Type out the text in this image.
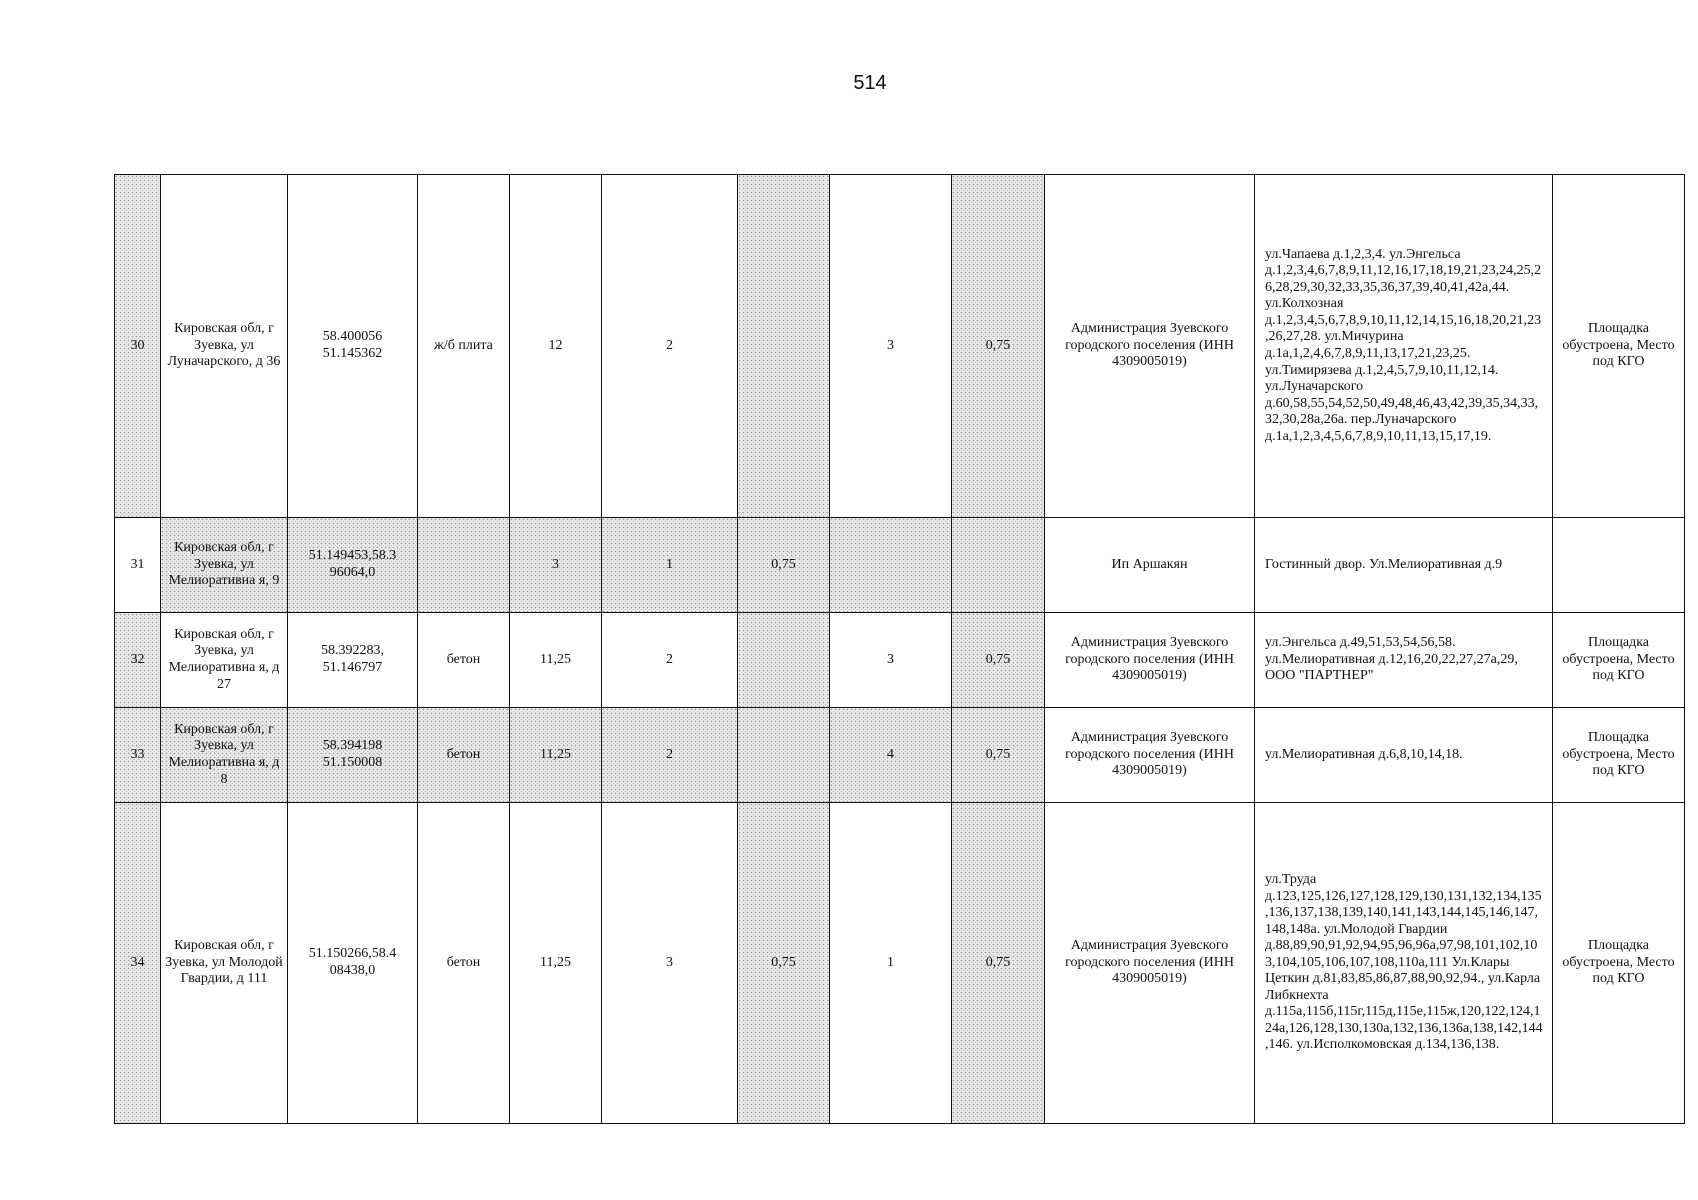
514
30	Кировская обл, г Зуевка, ул Луначарского, д 36	58.400056 51.145362	ж/б плита	12	2		3	0,75	Администрация Зуевского городского поселения (ИНН 4309005019)	ул.Чапаева д.1,2,3,4. ул.Энгельса д.1,2,3,4,6,7,8,9,11,12,16,17,18,19,21,23,24,25,26,28,29,30,32,33,35,36,37,39,40,41,42а,44. ул.Колхозная д.1,2,3,4,5,6,7,8,9,10,11,12,14,15,16,18,20,21,23,26,27,28. ул.Мичурина д.1а,1,2,4,6,7,8,9,11,13,17,21,23,25. ул.Тимирязева д.1,2,4,5,7,9,10,11,12,14. ул.Луначарского д.60,58,55,54,52,50,49,48,46,43,42,39,35,34,33,32,30,28а,26а. пер.Луначарского д.1а,1,2,3,4,5,6,7,8,9,10,11,13,15,17,19.	Площадка обустроена, Место под КГО
31	Кировская обл, г Зуевка, ул Мелиоративна я, 9	51.149453,58.3 96064,0		3	1	0,75			Ип Аршакян	Гостинный двор. Ул.Мелиоративная д.9	
32	Кировская обл, г Зуевка, ул Мелиоративна я, д 27	58.392283, 51.146797	бетон	11,25	2		3	0,75	Администрация Зуевского городского поселения (ИНН 4309005019)	ул.Энгельса д.49,51,53,54,56,58. ул.Мелиоративная д.12,16,20,22,27,27а,29, ООО "ПАРТНЕР"	Площадка обустроена, Место под КГО
33	Кировская обл, г Зуевка, ул Мелиоративна я, д 8	58.394198 51.150008	бетон	11,25	2		4	0,75	Администрация Зуевского городского поселения (ИНН 4309005019)	ул.Мелиоративная д.6,8,10,14,18.	Площадка обустроена, Место под КГО
34	Кировская обл, г Зуевка, ул Молодой Гвардии, д 111	51.150266,58.4 08438,0	бетон	11,25	3	0,75	1	0,75	Администрация Зуевского городского поселения (ИНН 4309005019)	ул.Труда д.123,125,126,127,128,129,130,131,132,134,135,136,137,138,139,140,141,143,144,145,146,147,148,148а. ул.Молодой Гвардии д.88,89,90,91,92,94,95,96,96а,97,98,101,102,103,104,105,106,107,108,110а,111 Ул.Клары Цеткин д.81,83,85,86,87,88,90,92,94., ул.Карла Либкнехта д.115а,115б,115г,115д,115е,115ж,120,122,124,124а,126,128,130,130а,132,136,136а,138,142,144,146. ул.Исполкомовская д.134,136,138.	Площадка обустроена, Место под КГО
